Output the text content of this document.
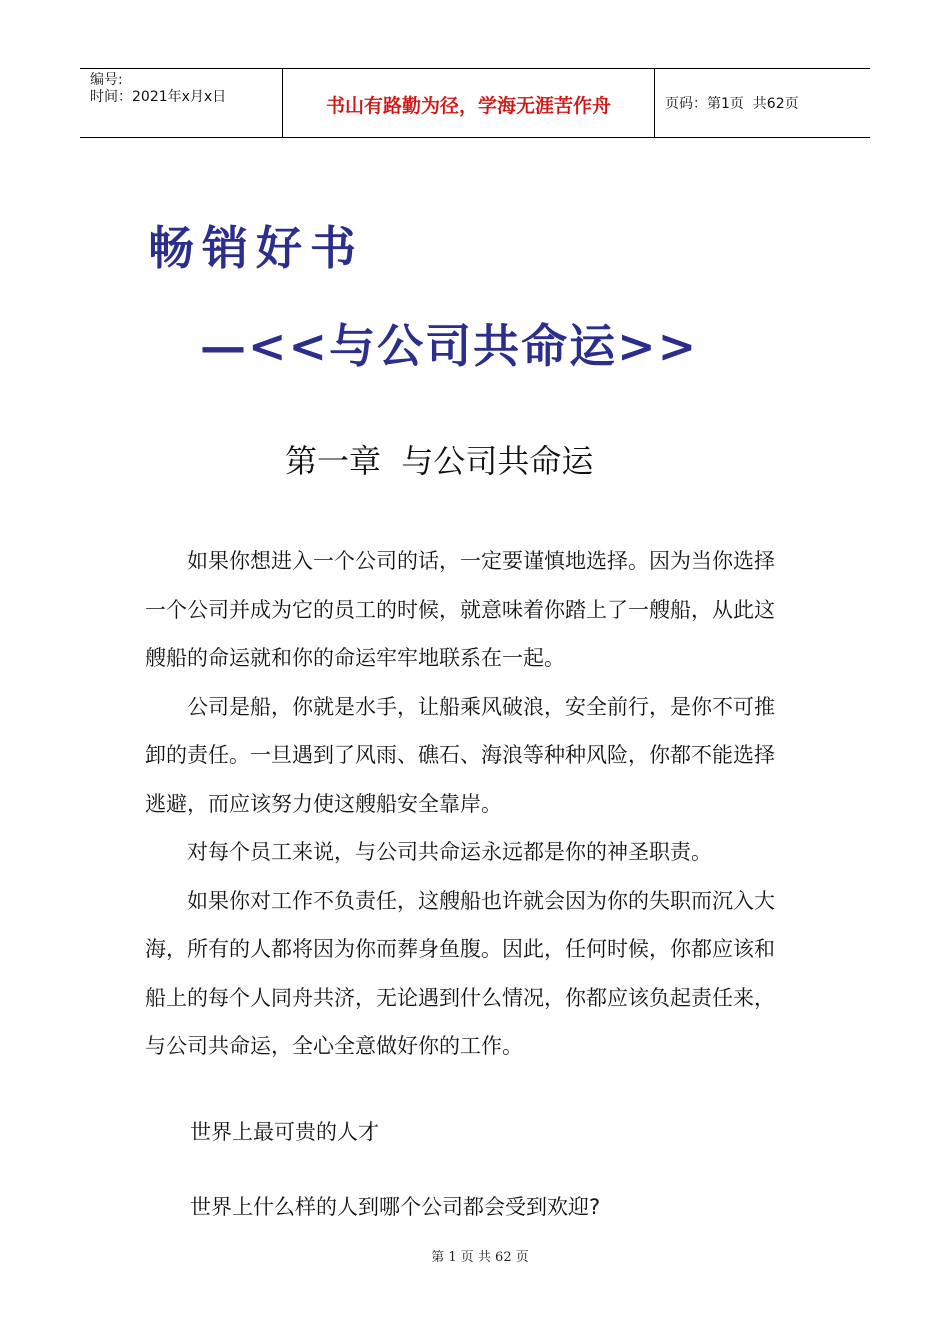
编号:
时间：2021年x月x日	书山有路勤为径，学海无涯苦作舟	页码：第1页  共62页
畅销好书
—<<与公司共命运>>
第一章  与公司共命运

如果你想进入一个公司的话，一定要谨慎地选择。因为当你选择一个公司并成为它的员工的时候，就意味着你踏上了一艘船，从此这艘船的命运就和你的命运牢牢地联系在一起。

公司是船，你就是水手，让船乘风破浪，安全前行，是你不可推卸的责任。一旦遇到了风雨、礁石、海浪等种种风险，你都不能选择逃避，而应该努力使这艘船安全靠岸。

对每个员工来说，与公司共命运永远都是你的神圣职责。

如果你对工作不负责任，这艘船也许就会因为你的失职而沉入大海，所有的人都将因为你而葬身鱼腹。因此，任何时候，你都应该和船上的每个人同舟共济，无论遇到什么情况，你都应该负起责任来，与公司共命运，全心全意做好你的工作。

世界上最可贵的人才
世界上什么样的人到哪个公司都会受到欢迎?
第 1 页 共 62 页
